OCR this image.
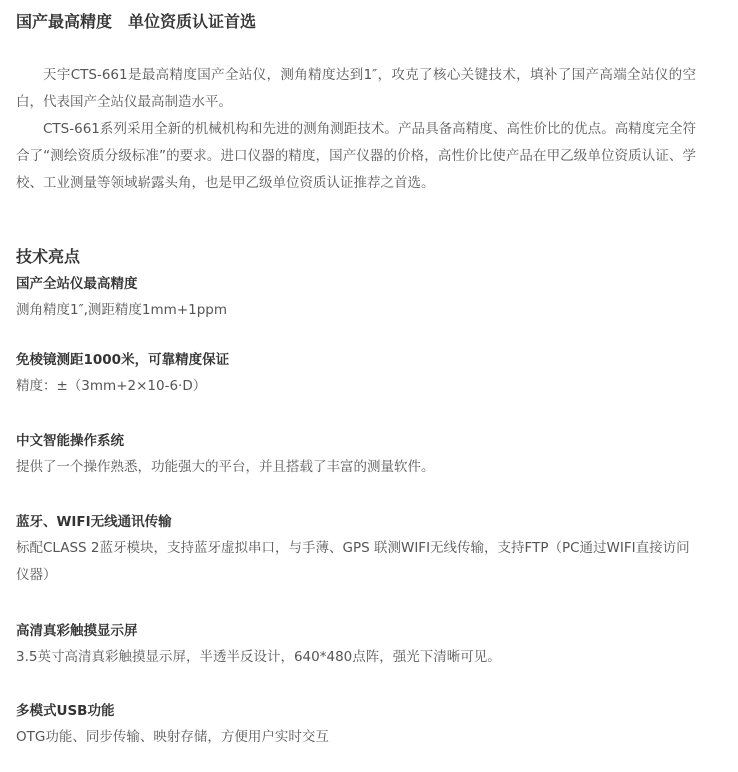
国产最高精度　单位资质认证首选

天宇CTS-661是最高精度国产全站仪，测角精度达到1″，攻克了核心关键技术，填补了国产高端全站仪的空白，代表国产全站仪最高制造水平。

CTS-661系列采用全新的机械机构和先进的测角测距技术。产品具备高精度、高性价比的优点。高精度完全符合了“测绘资质分级标准”的要求。进口仪器的精度，国产仪器的价格，高性价比使产品在甲乙级单位资质认证、学校、工业测量等领域崭露头角，也是甲乙级单位资质认证推荐之首选。

技术亮点
国产全站仪最高精度
测角精度1″,测距精度1mm+1ppm
免棱镜测距1000米，可靠精度保证
精度：±（3mm+2×10-6·D）
中文智能操作系统
提供了一个操作熟悉，功能强大的平台，并且搭载了丰富的测量软件。
蓝牙、WIFI无线通讯传输
标配CLASS 2蓝牙模块，支持蓝牙虚拟串口，与手薄、GPS 联测WIFI无线传输，支持FTP（PC通过WIFI直接访问仪器）
高清真彩触摸显示屏
3.5英寸高清真彩触摸显示屏，半透半反设计，640*480点阵，强光下清晰可见。
多模式USB功能
OTG功能、同步传输、映射存储，方便用户实时交互
